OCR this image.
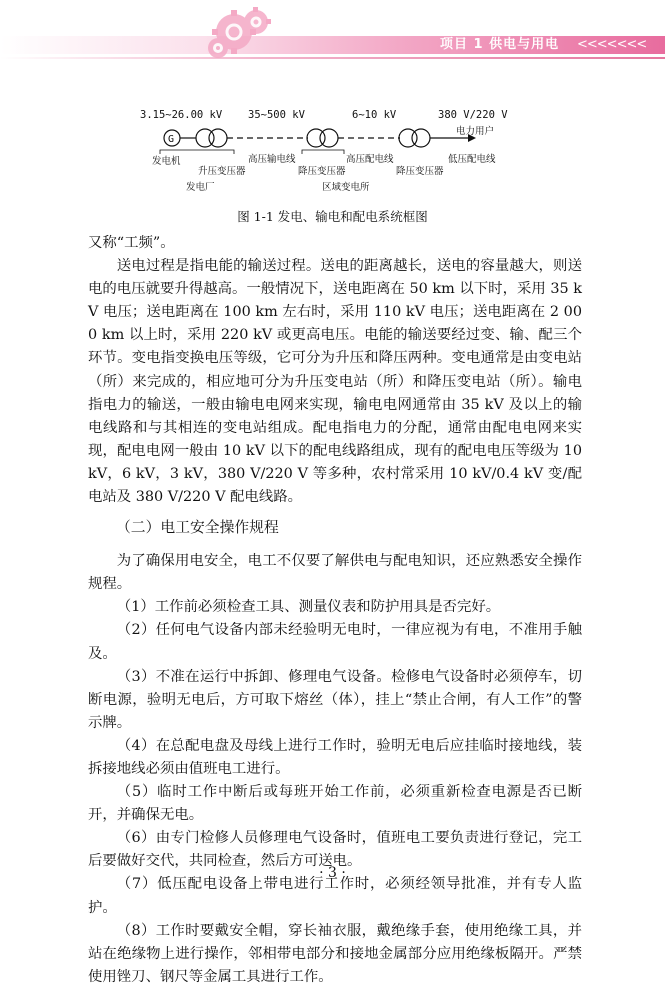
项目 1 供电与用电 <<<<<<<
3.15~26.00 kV 35~500 kV	6~10 kV	380 V/220 V
G
发电机
升压变压器
发电厂
高压输电线
降压变压器
区域变电所
高压配电线
降压变压器
低压配电线
电力用户
图 1-1 发电、输电和配电系统框图

又称“工频”。

送电过程是指电能的输送过程。送电的距离越长，送电的容量越大，则送电的电压就要升得越高。一般情况下，送电距离在 50 km 以下时，采用 35 kV 电压；送电距离在 100 km 左右时，采用 110 kV 电压；送电距离在 2 000 km 以上时，采用 220 kV 或更高电压。电能的输送要经过变、输、配三个环节。变电指变换电压等级，它可分为升压和降压两种。变电通常是由变电站（所）来完成的，相应地可分为升压变电站（所）和降压变电站（所）。输电指电力的输送，一般由输电电网来实现，输电电网通常由 35 kV 及以上的输电线路和与其相连的变电站组成。配电指电力的分配，通常由配电电网来实现，配电电网一般由 10 kV 以下的配电线路组成，现有的配电电压等级为 10 kV，6 kV，3 kV，380 V/220 V 等多种，农村常采用 10 kV/0.4 kV 变/配电站及 380 V/220 V 配电线路。

（二）电工安全操作规程

为了确保用电安全，电工不仅要了解供电与配电知识，还应熟悉安全操作规程。

（1）工作前必须检查工具、测量仪表和防护用具是否完好。

（2）任何电气设备内部未经验明无电时，一律应视为有电，不准用手触及。

（3）不准在运行中拆卸、修理电气设备。检修电气设备时必须停车，切断电源，验明无电后，方可取下熔丝（体），挂上“禁止合闸，有人工作”的警示牌。

（4）在总配电盘及母线上进行工作时，验明无电后应挂临时接地线，装拆接地线必须由值班电工进行。

（5）临时工作中断后或每班开始工作前，必须重新检查电源是否已断开，并确保无电。

（6）由专门检修人员修理电气设备时，值班电工要负责进行登记，完工后要做好交代，共同检查，然后方可送电。

（7）低压配电设备上带电进行工作时，必须经领导批准，并有专人监护。

（8）工作时要戴安全帽，穿长袖衣服，戴绝缘手套，使用绝缘工具，并站在绝缘物上进行操作，邻相带电部分和接地金属部分应用绝缘板隔开。严禁使用锉刀、钢尺等金属工具进行工作。

· 3 ·
